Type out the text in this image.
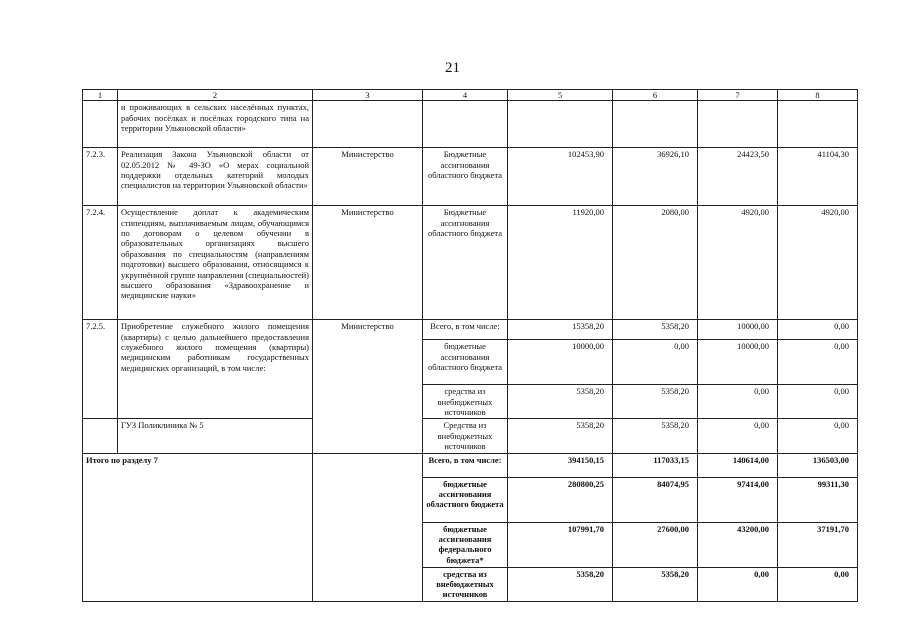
21
1	2	3	4	5	6	7	8
	и проживающих в сельских населённых пунктах, рабочих посёлках и посёлках городского типа на территории Ульяновской области»						
7.2.3.	Реализация Закона Ульяновской области от 02.05.2012 № 49-ЗО «О мерах социальной поддержки отдельных категорий молодых специалистов на территории Ульяновской области»	Министерство	Бюджетные ассигнования областного бюджета	102453,90	36926,10	24423,50	41104,30
7.2.4.	Осуществление доплат к академическим стипендиям, выплачиваемым лицам, обучающимся по договорам о целевом обучении в образовательных организациях высшего образования по специальностям (направлениям подготовки) высшего образования, относящимся к укрупнённой группе направления (специальностей) высшего образования «Здравоохранение и медицинские науки»	Министерство	Бюджетные ассигнования областного бюджета	11920,00	2080,00	4920,00	4920,00
7.2.5.	Приобретение служебного жилого помещения (квартиры) с целью дальнейшего предоставления служебного жилого помещения (квартиры) медицинским работникам государственных медицинских организаций, в том числе:	Министерство	Всего, в том числе:	15358,20	5358,20	10000,00	0,00
			бюджетные ассигнования областного бюджета	10000,00	0,00	10000,00	0,00
			средства из внебюджетных источников	5358,20	5358,20	0,00	0,00
	ГУЗ Поликлиника № 5		Средства из внебюджетных источников	5358,20	5358,20	0,00	0,00
Итого по разделу 7			Всего, в том числе:	394150,15	117033,15	140614,00	136503,00
			бюджетные ассигнования областного бюджета	280800,25	84074,95	97414,00	99311,30
			бюджетные ассигнования федерального бюджета*	107991,70	27600,00	43200,00	37191,70
			средства из внебюджетных источников	5358,20	5358,20	0,00	0,00
